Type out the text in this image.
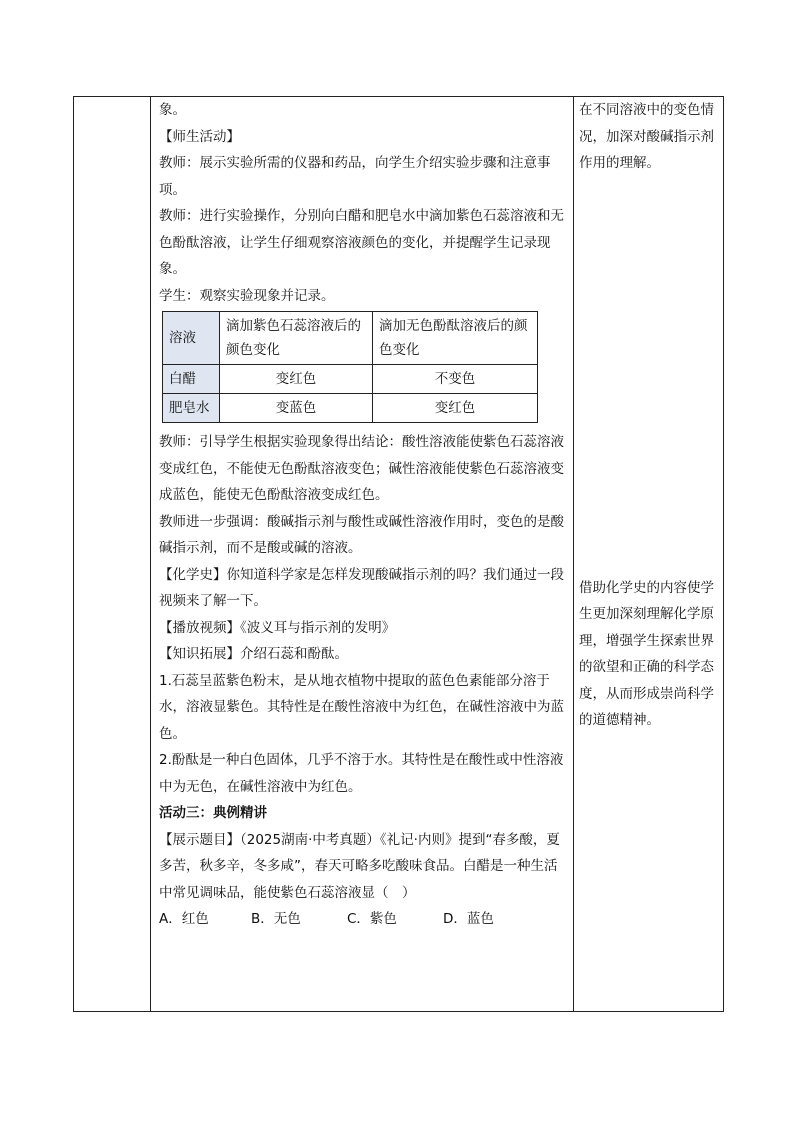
象。

【师生活动】

教师：展示实验所需的仪器和药品，向学生介绍实验步骤和注意事项。

教师：进行实验操作，分别向白醋和肥皂水中滴加紫色石蕊溶液和无色酚酞溶液，让学生仔细观察溶液颜色的变化，并提醒学生记录现象。

学生：观察实验现象并记录。

溶液	滴加紫色石蕊溶液后的颜色变化	滴加无色酚酞溶液后的颜色变化
白醋	变红色	不变色
肥皂水	变蓝色	变红色

教师：引导学生根据实验现象得出结论：酸性溶液能使紫色石蕊溶液变成红色，不能使无色酚酞溶液变色；碱性溶液能使紫色石蕊溶液变成蓝色，能使无色酚酞溶液变成红色。

教师进一步强调：酸碱指示剂与酸性或碱性溶液作用时，变色的是酸碱指示剂，而不是酸或碱的溶液。

【化学史】你知道科学家是怎样发现酸碱指示剂的吗？我们通过一段视频来了解一下。

【播放视频】《波义耳与指示剂的发明》

【知识拓展】介绍石蕊和酚酞。

1.石蕊呈蓝紫色粉末，是从地衣植物中提取的蓝色色素能部分溶于水，溶液显紫色。其特性是在酸性溶液中为红色，在碱性溶液中为蓝色。

2.酚酞是一种白色固体，几乎不溶于水。其特性是在酸性或中性溶液中为无色，在碱性溶液中为红色。

活动三：典例精讲

【展示题目】（2025湖南·中考真题）《礼记·内则》提到“春多酸，夏多苦，秋多辛，冬多咸”，春天可略多吃酸味食品。白醋是一种生活中常见调味品，能使紫色石蕊溶液显（　）

A．红色	B．无色	C．紫色	D．蓝色

在不同溶液中的变色情况，加深对酸碱指示剂作用的理解。

借助化学史的内容使学生更加深刻理解化学原理，增强学生探索世界的欲望和正确的科学态度，从而形成崇尚科学的道德精神。
